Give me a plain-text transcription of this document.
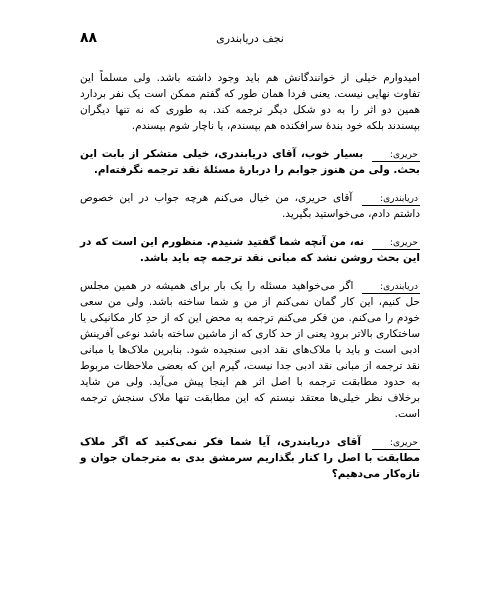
۸۸	نجف دریابندری

امیدوارم خیلی از خوانندگانش هم باید وجود داشته باشد. ولی مسلماً این تفاوت نهایی نیست. یعنی فردا همان طور که گفتم ممکن است یک نفر بردارد همین دو اثر را به دو شکل دیگر ترجمه کند. به طوری که نه تنها دیگران بپسندند بلکه خود بندهٔ سرافکنده هم بپسندم، یا ناچار شوم بپسندم.

حریری: بسیار خوب، آقای دریابندری، خیلی متشکر از بابت این بحث. ولی من هنوز جوابم را دربارهٔ مسئلهٔ نقد ترجمه نگرفته‌ام.

دریابندری: آقای حریری، من خیال می‌کنم هرچه جواب در این خصوص داشتم دادم، می‌خواستید بگیرید.

حریری: نه، من آنچه شما گفتید شنیدم. منظورم این است که در این بحث روشن نشد که مبانی نقد ترجمه چه باید باشد.

دریابندری: اگر می‌خواهید مسئله را یک بار برای همیشه در همین مجلس حل کنیم، این کار گمان نمی‌کنم از من و شما ساخته باشد. ولی من سعی خودم را می‌کنم. من فکر می‌کنم ترجمه به محض این که از حدِ کار مکانیکی یا ساختکاری بالاتر برود یعنی از حد کاری که از ماشین ساخته باشد نوعی آفرینش ادبی است و باید با ملاک‌های نقد ادبی سنجیده شود. بنابرین ملاک‌ها یا مبانی نقد ترجمه از مبانی نقد ادبی جدا نیست، گیرم این که بعضی ملاحظات مربوط به حدود مطابقت ترجمه با اصل اثر هم اینجا پیش می‌آید. ولی من شاید برخلاف نظر خیلی‌ها معتقد نیستم که این مطابقت تنها ملاک سنجش ترجمه است.

حریری: آقای دریابندری، آیا شما فکر نمی‌کنید که اگر ملاک مطابقت با اصل را کنار بگذاریم سرمشق بدی به مترجمان جوان و تازه‌کار می‌دهیم؟
